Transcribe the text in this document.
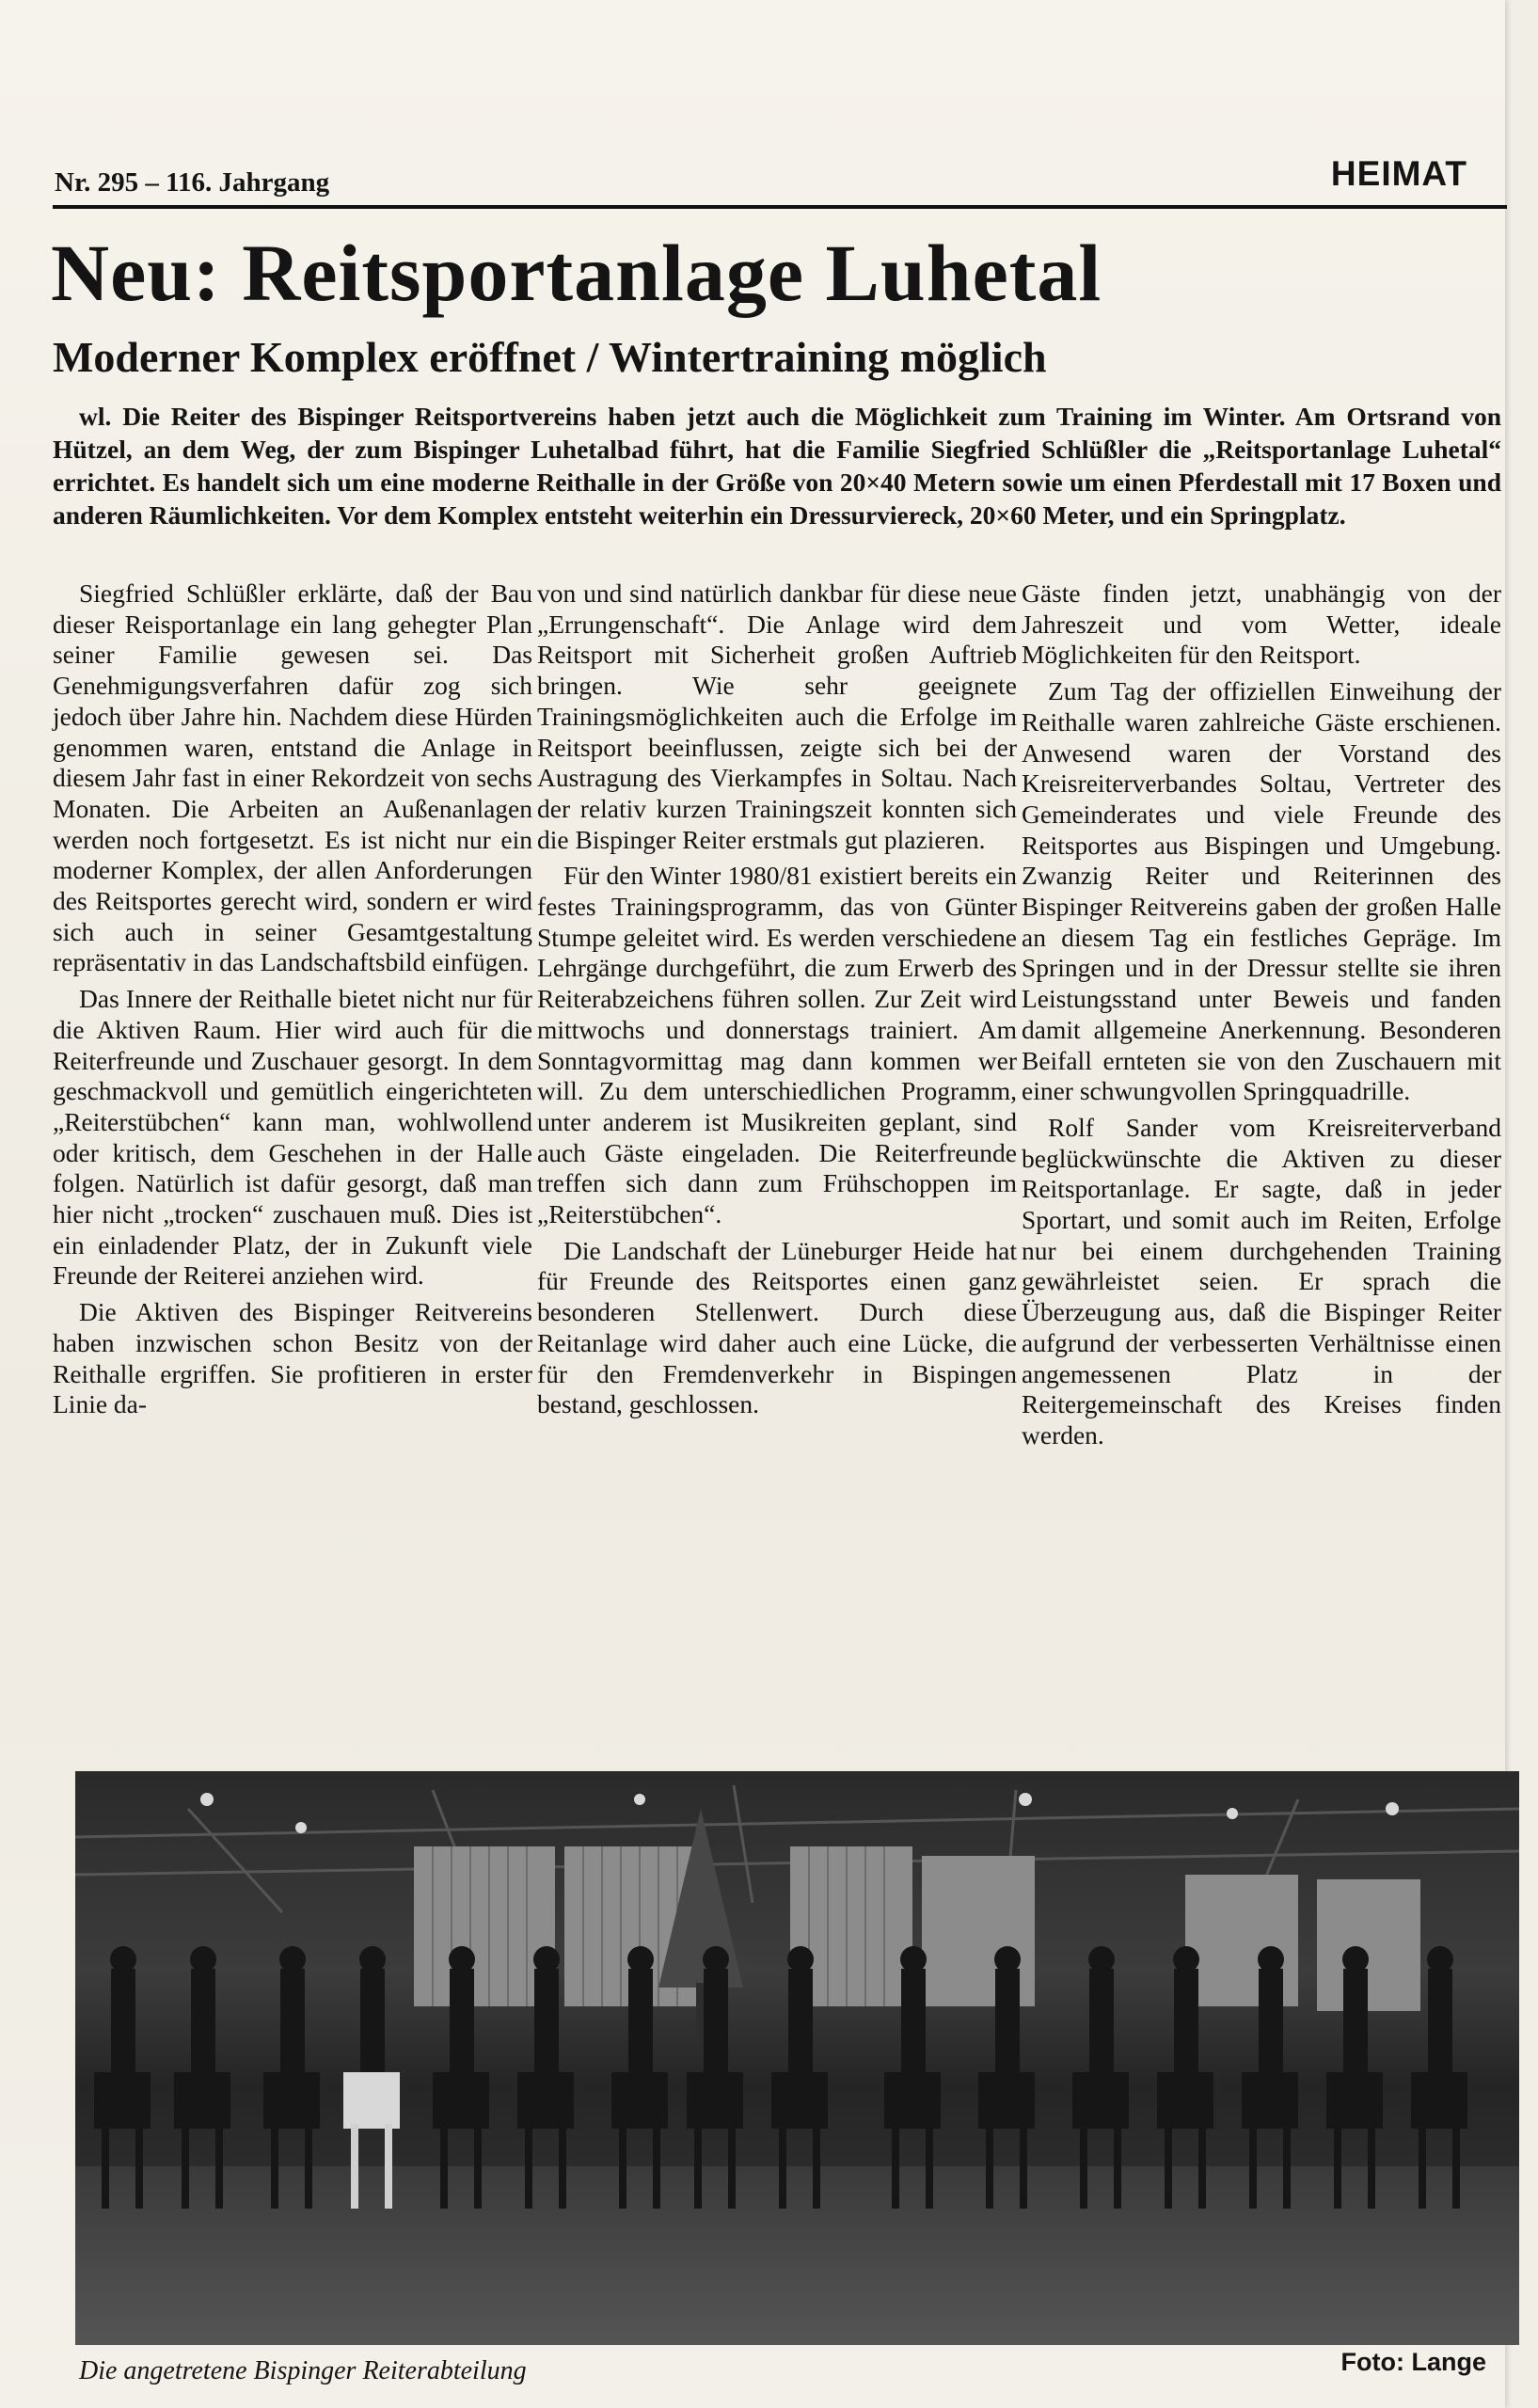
Nr. 295 – 116. Jahrgang	HEIMAT
Neu: Reitsportanlage Luhetal
Moderner Komplex eröffnet / Wintertraining möglich

wl. Die Reiter des Bispinger Reitsportvereins haben jetzt auch die Möglichkeit zum Training im Winter. Am Ortsrand von Hützel, an dem Weg, der zum Bispinger Luhetalbad führt, hat die Familie Siegfried Schlüßler die „Reitsportanlage Luhetal“ errichtet. Es handelt sich um eine moderne Reithalle in der Größe von 20×40 Metern sowie um einen Pferdestall mit 17 Boxen und anderen Räumlichkeiten. Vor dem Komplex entsteht weiterhin ein Dressurviereck, 20×60 Meter, und ein Springplatz.

Siegfried Schlüßler erklärte, daß der Bau dieser Reisportanlage ein lang gehegter Plan seiner Familie gewesen sei. Das Genehmigungsverfahren dafür zog sich jedoch über Jahre hin. Nachdem diese Hürden genommen waren, entstand die Anlage in diesem Jahr fast in einer Rekordzeit von sechs Monaten. Die Arbeiten an Außenanlagen werden noch fortgesetzt. Es ist nicht nur ein moderner Komplex, der allen Anforderungen des Reitsportes gerecht wird, sondern er wird sich auch in seiner Gesamtgestaltung repräsentativ in das Landschaftsbild einfügen.

Das Innere der Reithalle bietet nicht nur für die Aktiven Raum. Hier wird auch für die Reiterfreunde und Zuschauer gesorgt. In dem geschmackvoll und gemütlich eingerichteten „Reiterstübchen“ kann man, wohlwollend oder kritisch, dem Geschehen in der Halle folgen. Natürlich ist dafür gesorgt, daß man hier nicht „trocken“ zuschauen muß. Dies ist ein einladender Platz, der in Zukunft viele Freunde der Reiterei anziehen wird.

Die Aktiven des Bispinger Reitvereins haben inzwischen schon Besitz von der Reithalle ergriffen. Sie profitieren in erster Linie da-

von und sind natürlich dankbar für diese neue „Errungenschaft“. Die Anlage wird dem Reitsport mit Sicherheit großen Auftrieb bringen. Wie sehr geeignete Trainingsmöglichkeiten auch die Erfolge im Reitsport beeinflussen, zeigte sich bei der Austragung des Vierkampfes in Soltau. Nach der relativ kurzen Trainingszeit konnten sich die Bispinger Reiter erstmals gut plazieren.

Für den Winter 1980/81 existiert bereits ein festes Trainingsprogramm, das von Günter Stumpe geleitet wird. Es werden verschiedene Lehrgänge durchgeführt, die zum Erwerb des Reiterabzeichens führen sollen. Zur Zeit wird mittwochs und donnerstags trainiert. Am Sonntagvormittag mag dann kommen wer will. Zu dem unterschiedlichen Programm, unter anderem ist Musikreiten geplant, sind auch Gäste eingeladen. Die Reiterfreunde treffen sich dann zum Frühschoppen im „Reiterstübchen“.

Die Landschaft der Lüneburger Heide hat für Freunde des Reitsportes einen ganz besonderen Stellenwert. Durch diese Reitanlage wird daher auch eine Lücke, die für den Fremdenverkehr in Bispingen bestand, geschlossen.

Gäste finden jetzt, unabhängig von der Jahreszeit und vom Wetter, ideale Möglichkeiten für den Reitsport.

Zum Tag der offiziellen Einweihung der Reithalle waren zahlreiche Gäste erschienen. Anwesend waren der Vorstand des Kreisreiterverbandes Soltau, Vertreter des Gemeinderates und viele Freunde des Reitsportes aus Bispingen und Umgebung. Zwanzig Reiter und Reiterinnen des Bispinger Reitvereins gaben der großen Halle an diesem Tag ein festliches Gepräge. Im Springen und in der Dressur stellte sie ihren Leistungsstand unter Beweis und fanden damit allgemeine Anerkennung. Besonderen Beifall ernteten sie von den Zuschauern mit einer schwungvollen Springquadrille.

Rolf Sander vom Kreisreiterverband beglückwünschte die Aktiven zu dieser Reitsportanlage. Er sagte, daß in jeder Sportart, und somit auch im Reiten, Erfolge nur bei einem durchgehenden Training gewährleistet seien. Er sprach die Überzeugung aus, daß die Bispinger Reiter aufgrund der verbesserten Verhältnisse einen angemessenen Platz in der Reitergemeinschaft des Kreises finden werden.

Die angetretene Bispinger Reiterabteilung	Foto: Lange
